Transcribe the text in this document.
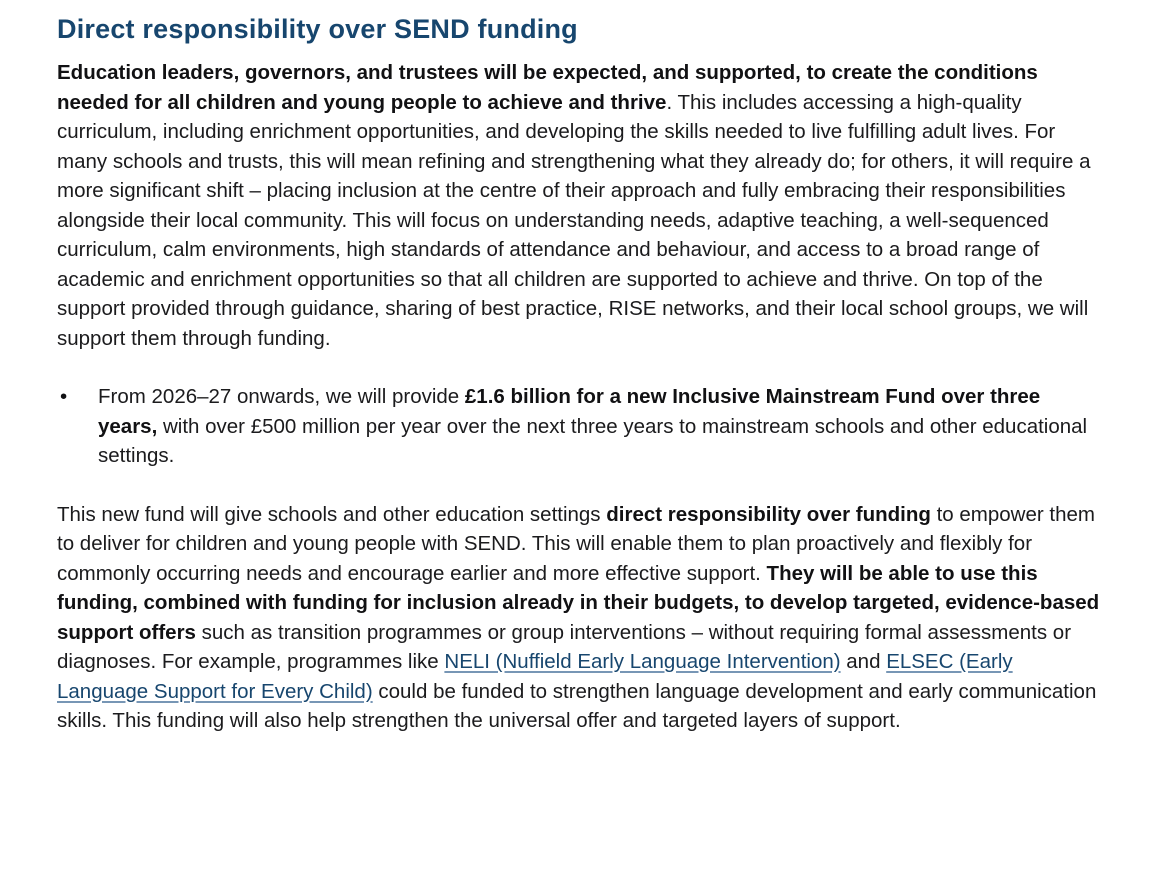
Direct responsibility over SEND funding

Education leaders, governors, and trustees will be expected, and supported, to create the conditions needed for all children and young people to achieve and thrive. This includes accessing a high-quality curriculum, including enrichment opportunities, and developing the skills needed to live fulfilling adult lives. For many schools and trusts, this will mean refining and strengthening what they already do; for others, it will require a more significant shift – placing inclusion at the centre of their approach and fully embracing their responsibilities alongside their local community. This will focus on understanding needs, adaptive teaching, a well-sequenced curriculum, calm environments, high standards of attendance and behaviour, and access to a broad range of academic and enrichment opportunities so that all children are supported to achieve and thrive. On top of the support provided through guidance, sharing of best practice, RISE networks, and their local school groups, we will support them through funding.

•	From 2026–27 onwards, we will provide £1.6 billion for a new Inclusive Mainstream Fund over three years, with over £500 million per year over the next three years to mainstream schools and other educational settings.

This new fund will give schools and other education settings direct responsibility over funding to empower them to deliver for children and young people with SEND. This will enable them to plan proactively and flexibly for commonly occurring needs and encourage earlier and more effective support. They will be able to use this funding, combined with funding for inclusion already in their budgets, to develop targeted, evidence-based support offers such as transition programmes or group interventions – without requiring formal assessments or diagnoses. For example, programmes like NELI (Nuffield Early Language Intervention) and ELSEC (Early Language Support for Every Child) could be funded to strengthen language development and early communication skills. This funding will also help strengthen the universal offer and targeted layers of support.
